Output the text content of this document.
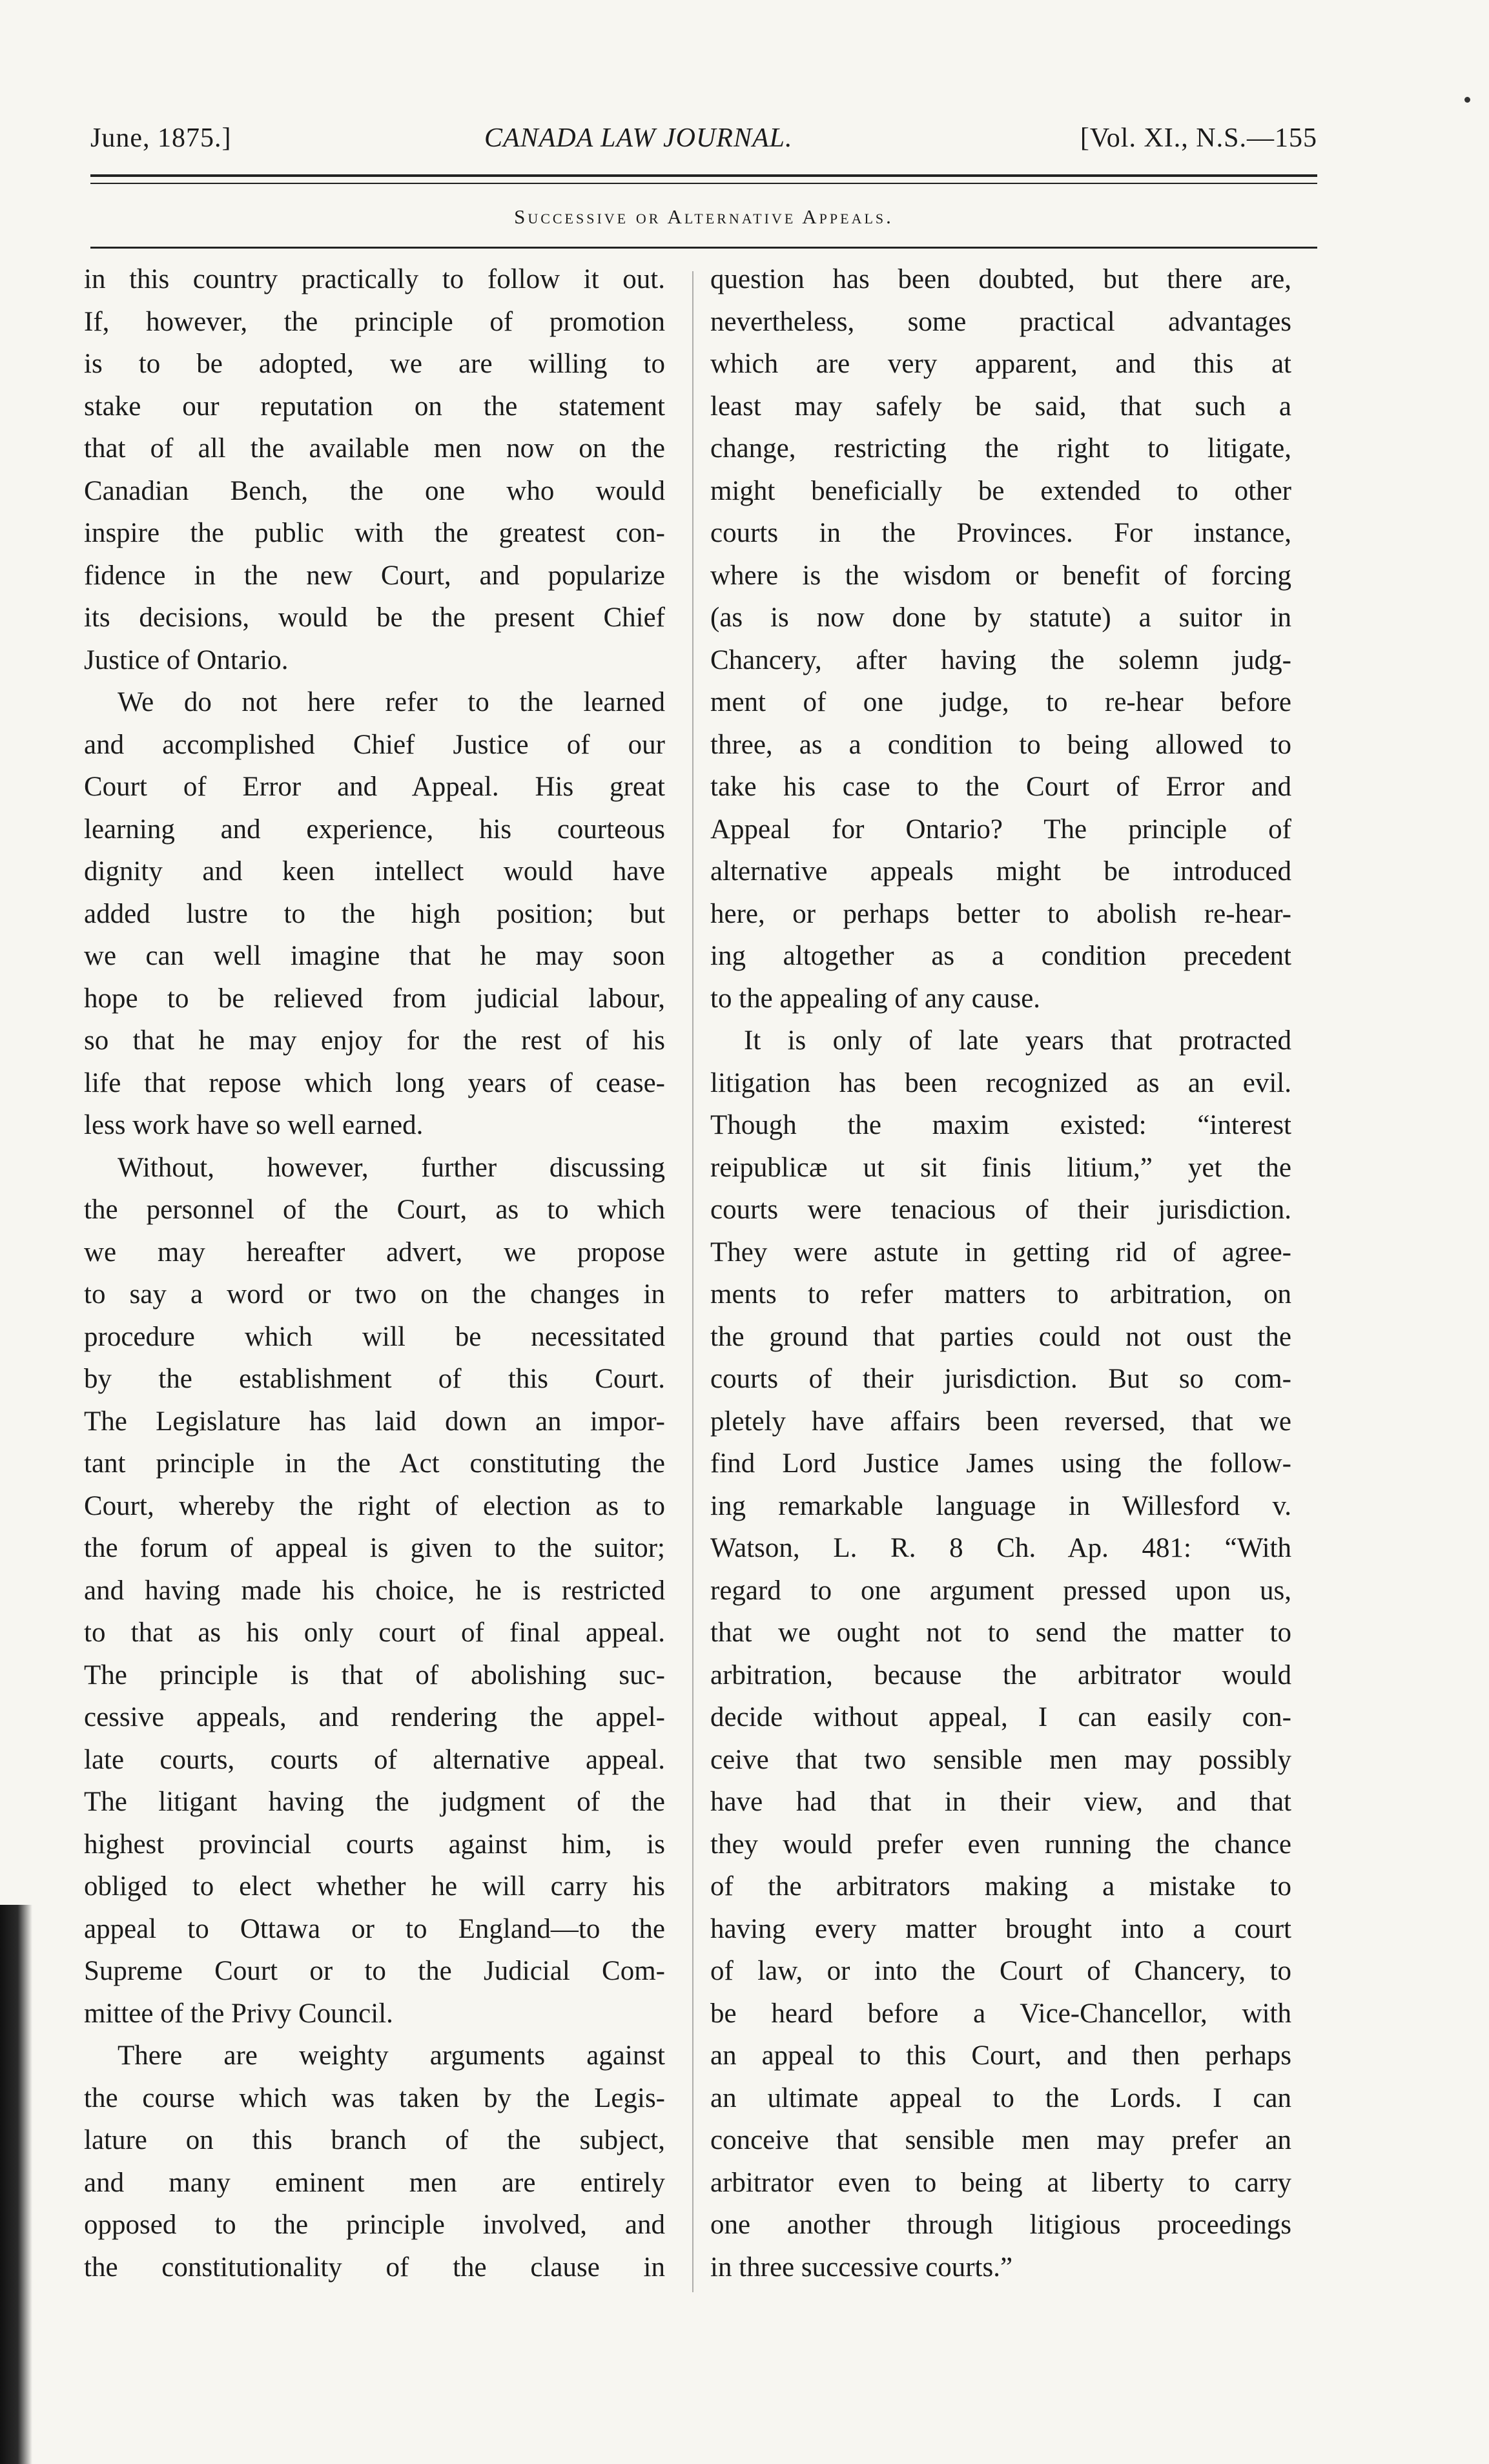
June, 1875.]	CANADA LAW JOURNAL.	[Vol. XI., N.S.—155
Successive or Alternative Appeals.
in this country practically to follow it out.
If, however, the principle of promotion
is to be adopted, we are willing to
stake our reputation on the statement
that of all the available men now on the
Canadian Bench, the one who would
inspire the public with the greatest con-
fidence in the new Court, and popularize
its decisions, would be the present Chief
Justice of Ontario.
We do not here refer to the learned
and accomplished Chief Justice of our
Court of Error and Appeal. His great
learning and experience, his courteous
dignity and keen intellect would have
added lustre to the high position; but
we can well imagine that he may soon
hope to be relieved from judicial labour,
so that he may enjoy for the rest of his
life that repose which long years of cease-
less work have so well earned.
Without, however, further discussing
the personnel of the Court, as to which
we may hereafter advert, we propose
to say a word or two on the changes in
procedure which will be necessitated
by the establishment of this Court.
The Legislature has laid down an impor-
tant principle in the Act constituting the
Court, whereby the right of election as to
the forum of appeal is given to the suitor;
and having made his choice, he is restricted
to that as his only court of final appeal.
The principle is that of abolishing suc-
cessive appeals, and rendering the appel-
late courts, courts of alternative appeal.
The litigant having the judgment of the
highest provincial courts against him, is
obliged to elect whether he will carry his
appeal to Ottawa or to England—to the
Supreme Court or to the Judicial Com-
mittee of the Privy Council.
There are weighty arguments against
the course which was taken by the Legis-
lature on this branch of the subject,
and many eminent men are entirely
opposed to the principle involved, and
the constitutionality of the clause in
question has been doubted, but there are,
nevertheless, some practical advantages
which are very apparent, and this at
least may safely be said, that such a
change, restricting the right to litigate,
might beneficially be extended to other
courts in the Provinces. For instance,
where is the wisdom or benefit of forcing
(as is now done by statute) a suitor in
Chancery, after having the solemn judg-
ment of one judge, to re-hear before
three, as a condition to being allowed to
take his case to the Court of Error and
Appeal for Ontario? The principle of
alternative appeals might be introduced
here, or perhaps better to abolish re-hear-
ing altogether as a condition precedent
to the appealing of any cause.
It is only of late years that protracted
litigation has been recognized as an evil.
Though the maxim existed: “interest
reipublicæ ut sit finis litium,” yet the
courts were tenacious of their jurisdiction.
They were astute in getting rid of agree-
ments to refer matters to arbitration, on
the ground that parties could not oust the
courts of their jurisdiction. But so com-
pletely have affairs been reversed, that we
find Lord Justice James using the follow-
ing remarkable language in Willesford v.
Watson, L. R. 8 Ch. Ap. 481: “With
regard to one argument pressed upon us,
that we ought not to send the matter to
arbitration, because the arbitrator would
decide without appeal, I can easily con-
ceive that two sensible men may possibly
have had that in their view, and that
they would prefer even running the chance
of the arbitrators making a mistake to
having every matter brought into a court
of law, or into the Court of Chancery, to
be heard before a Vice-Chancellor, with
an appeal to this Court, and then perhaps
an ultimate appeal to the Lords. I can
conceive that sensible men may prefer an
arbitrator even to being at liberty to carry
one another through litigious proceedings
in three successive courts.”
